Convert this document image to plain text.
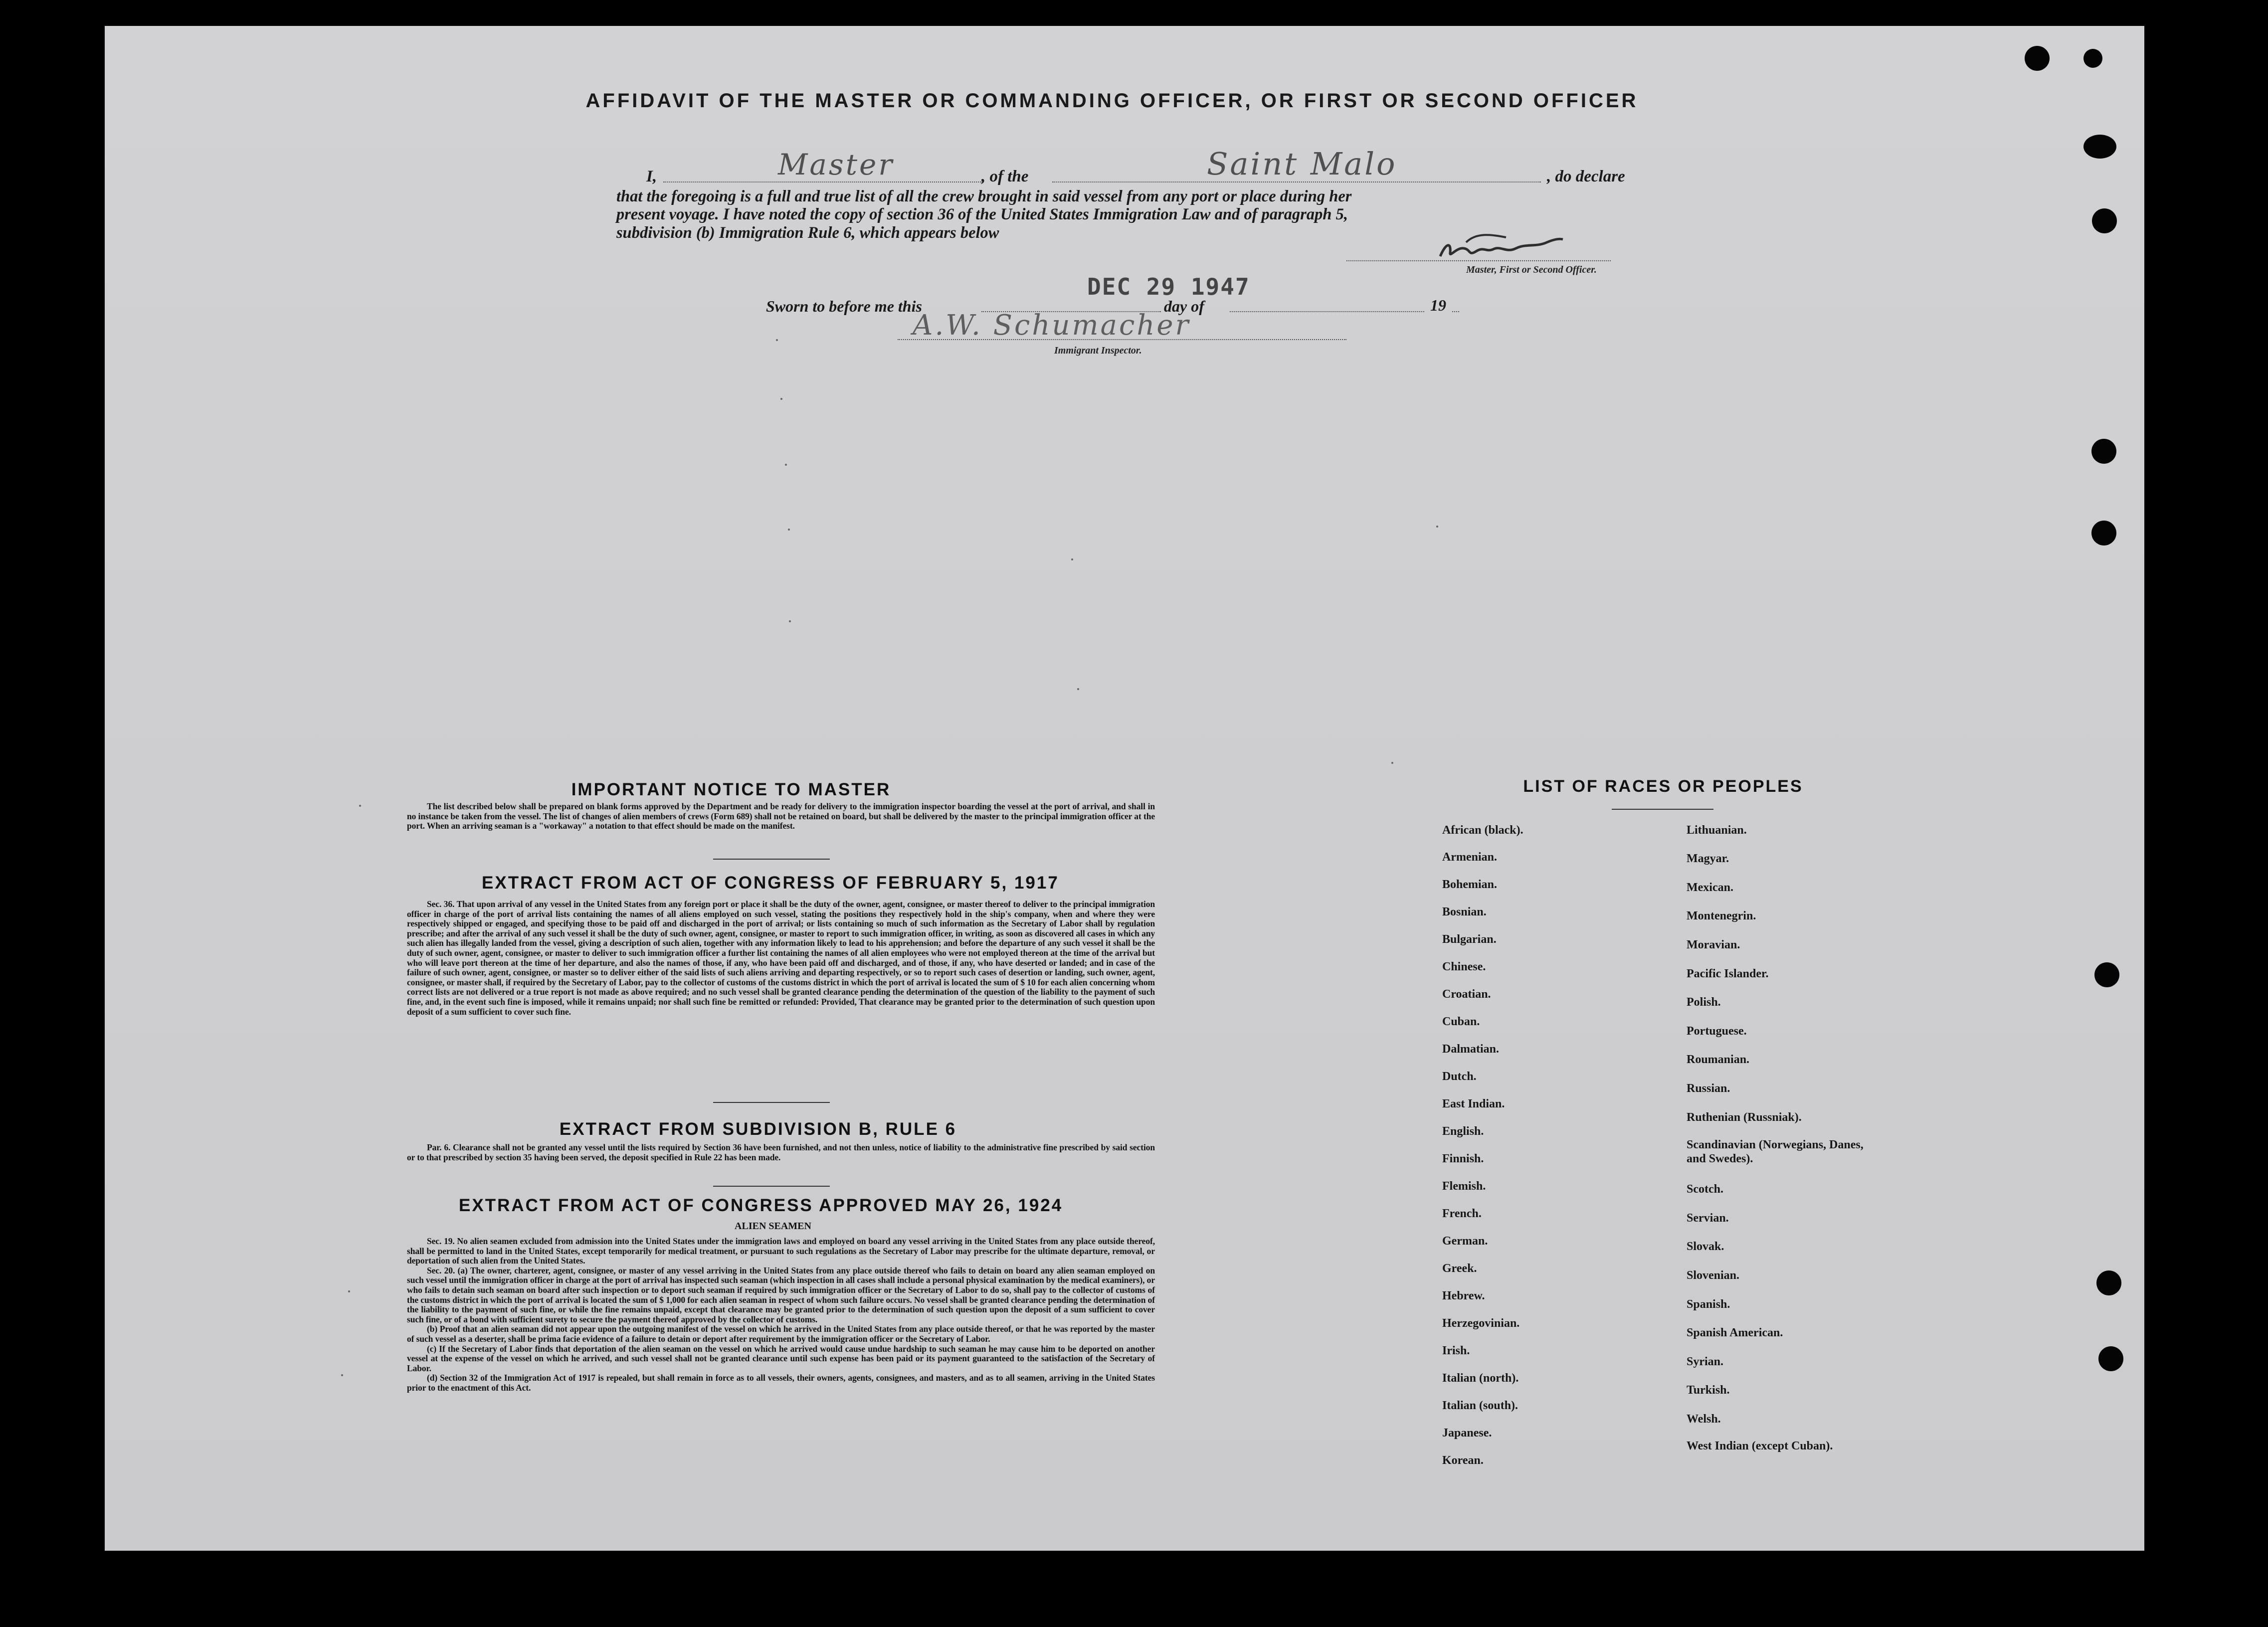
AFFIDAVIT OF THE MASTER OR COMMANDING OFFICER, OR FIRST OR SECOND OFFICER
I,	Master	, of the	Saint Malo	, do declare
that the foregoing is a full and true list of all the crew brought in said vessel from any port or place during her
present voyage. I have noted the copy of section 36 of the United States Immigration Law and of paragraph 5,
subdivision (b) Immigration Rule 6, which appears below
Master, First or Second Officer.
DEC 29 1947
Sworn to before me this	day of	19
A.W. Schumacher
Immigrant Inspector.
IMPORTANT NOTICE TO MASTER

The list described below shall be prepared on blank forms approved by the Department and be ready for delivery to the immigration inspector boarding the vessel at the port of arrival, and shall in no instance be taken from the vessel. The list of changes of alien members of crews (Form 689) shall not be retained on board, but shall be delivered by the master to the principal immigration officer at the port. When an arriving seaman is a "workaway" a notation to that effect should be made on the manifest.

EXTRACT FROM ACT OF CONGRESS OF FEBRUARY 5, 1917

Sec. 36. That upon arrival of any vessel in the United States from any foreign port or place it shall be the duty of the owner, agent, consignee, or master thereof to deliver to the principal immigration officer in charge of the port of arrival lists containing the names of all aliens employed on such vessel, stating the positions they respectively hold in the ship's company, when and where they were respectively shipped or engaged, and specifying those to be paid off and discharged in the port of arrival; or lists containing so much of such information as the Secretary of Labor shall by regulation prescribe; and after the arrival of any such vessel it shall be the duty of such owner, agent, consignee, or master to report to such immigration officer, in writing, as soon as discovered all cases in which any such alien has illegally landed from the vessel, giving a description of such alien, together with any information likely to lead to his apprehension; and before the departure of any such vessel it shall be the duty of such owner, agent, consignee, or master to deliver to such immigration officer a further list containing the names of all alien employees who were not employed thereon at the time of the arrival but who will leave port thereon at the time of her departure, and also the names of those, if any, who have been paid off and discharged, and of those, if any, who have deserted or landed; and in case of the failure of such owner, agent, consignee, or master so to deliver either of the said lists of such aliens arriving and departing respectively, or so to report such cases of desertion or landing, such owner, agent, consignee, or master shall, if required by the Secretary of Labor, pay to the collector of customs of the customs district in which the port of arrival is located the sum of $ 10 for each alien concerning whom correct lists are not delivered or a true report is not made as above required; and no such vessel shall be granted clearance pending the determination of the question of the liability to the payment of such fine, and, in the event such fine is imposed, while it remains unpaid; nor shall such fine be remitted or refunded: Provided, That clearance may be granted prior to the determination of such question upon deposit of a sum sufficient to cover such fine.

EXTRACT FROM SUBDIVISION B, RULE 6

Par. 6. Clearance shall not be granted any vessel until the lists required by Section 36 have been furnished, and not then unless, notice of liability to the administrative fine prescribed by said section or to that prescribed by section 35 having been served, the deposit specified in Rule 22 has been made.

EXTRACT FROM ACT OF CONGRESS APPROVED MAY 26, 1924
ALIEN SEAMEN

Sec. 19. No alien seamen excluded from admission into the United States under the immigration laws and employed on board any vessel arriving in the United States from any place outside thereof, shall be permitted to land in the United States, except temporarily for medical treatment, or pursuant to such regulations as the Secretary of Labor may prescribe for the ultimate departure, removal, or deportation of such alien from the United States.

Sec. 20. (a) The owner, charterer, agent, consignee, or master of any vessel arriving in the United States from any place outside thereof who fails to detain on board any alien seaman employed on such vessel until the immigration officer in charge at the port of arrival has inspected such seaman (which inspection in all cases shall include a personal physical examination by the medical examiners), or who fails to detain such seaman on board after such inspection or to deport such seaman if required by such immigration officer or the Secretary of Labor to do so, shall pay to the collector of customs of the customs district in which the port of arrival is located the sum of $ 1,000 for each alien seaman in respect of whom such failure occurs. No vessel shall be granted clearance pending the determination of the liability to the payment of such fine, or while the fine remains unpaid, except that clearance may be granted prior to the determination of such question upon the deposit of a sum sufficient to cover such fine, or of a bond with sufficient surety to secure the payment thereof approved by the collector of customs.

(b) Proof that an alien seaman did not appear upon the outgoing manifest of the vessel on which he arrived in the United States from any place outside thereof, or that he was reported by the master of such vessel as a deserter, shall be prima facie evidence of a failure to detain or deport after requirement by the immigration officer or the Secretary of Labor.

(c) If the Secretary of Labor finds that deportation of the alien seaman on the vessel on which he arrived would cause undue hardship to such seaman he may cause him to be deported on another vessel at the expense of the vessel on which he arrived, and such vessel shall not be granted clearance until such expense has been paid or its payment guaranteed to the satisfaction of the Secretary of Labor.

(d) Section 32 of the Immigration Act of 1917 is repealed, but shall remain in force as to all vessels, their owners, agents, consignees, and masters, and as to all seamen, arriving in the United States prior to the enactment of this Act.

LIST OF RACES OR PEOPLES
African (black).
Armenian.
Bohemian.
Bosnian.
Bulgarian.
Chinese.
Croatian.
Cuban.
Dalmatian.
Dutch.
East Indian.
English.
Finnish.
Flemish.
French.
German.
Greek.
Hebrew.
Herzegovinian.
Irish.
Italian (north).
Italian (south).
Japanese.
Korean.
Lithuanian.
Magyar.
Mexican.
Montenegrin.
Moravian.
Pacific Islander.
Polish.
Portuguese.
Roumanian.
Russian.
Ruthenian (Russniak).
Scandinavian (Norwegians, Danes, and Swedes).
Scotch.
Servian.
Slovak.
Slovenian.
Spanish.
Spanish American.
Syrian.
Turkish.
Welsh.
West Indian (except Cuban).
